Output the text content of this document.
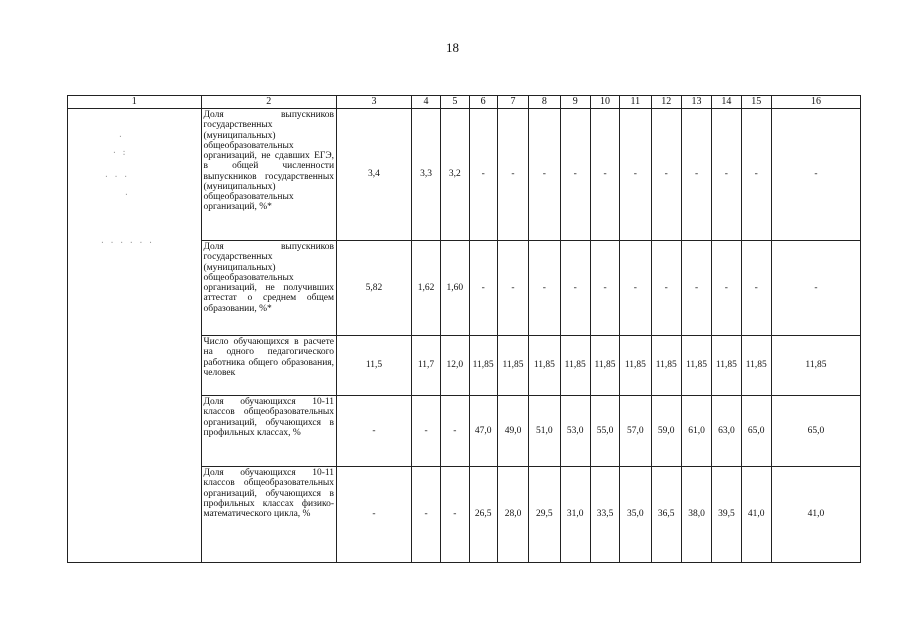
18
·
· :
· · ·
·
. . . . . .
1	2	3	4	5	6	7	8	9	10	11	12	13	14	15	16
	Доля выпускников государственных (муниципальных) общеобразовательных организаций, не сдавших ЕГЭ, в общей численности выпускников государственных (муниципальных) общеобразовательных организаций, %*	3,4	3,3	3,2	-	-	-	-	-	-	-	-	-	-	-
	Доля выпускников государственных (муниципальных) общеобразовательных организаций, не получивших аттестат о среднем общем образовании, %*	5,82	1,62	1,60	-	-	-	-	-	-	-	-	-	-	-
	Число обучающихся в расчете на одного педагогического работника общего образования, человек	11,5	11,7	12,0	11,85	11,85	11,85	11,85	11,85	11,85	11,85	11,85	11,85	11,85	11,85
	Доля обучающихся 10-11 классов общеобразовательных организаций, обучающихся в профильных классах, %	-	-	-	47,0	49,0	51,0	53,0	55,0	57,0	59,0	61,0	63,0	65,0	65,0
	Доля обучающихся 10-11 классов общеобразовательных организаций, обучающихся в профильных классах физико-математического цикла, %	-	-	-	26,5	28,0	29,5	31,0	33,5	35,0	36,5	38,0	39,5	41,0	41,0
